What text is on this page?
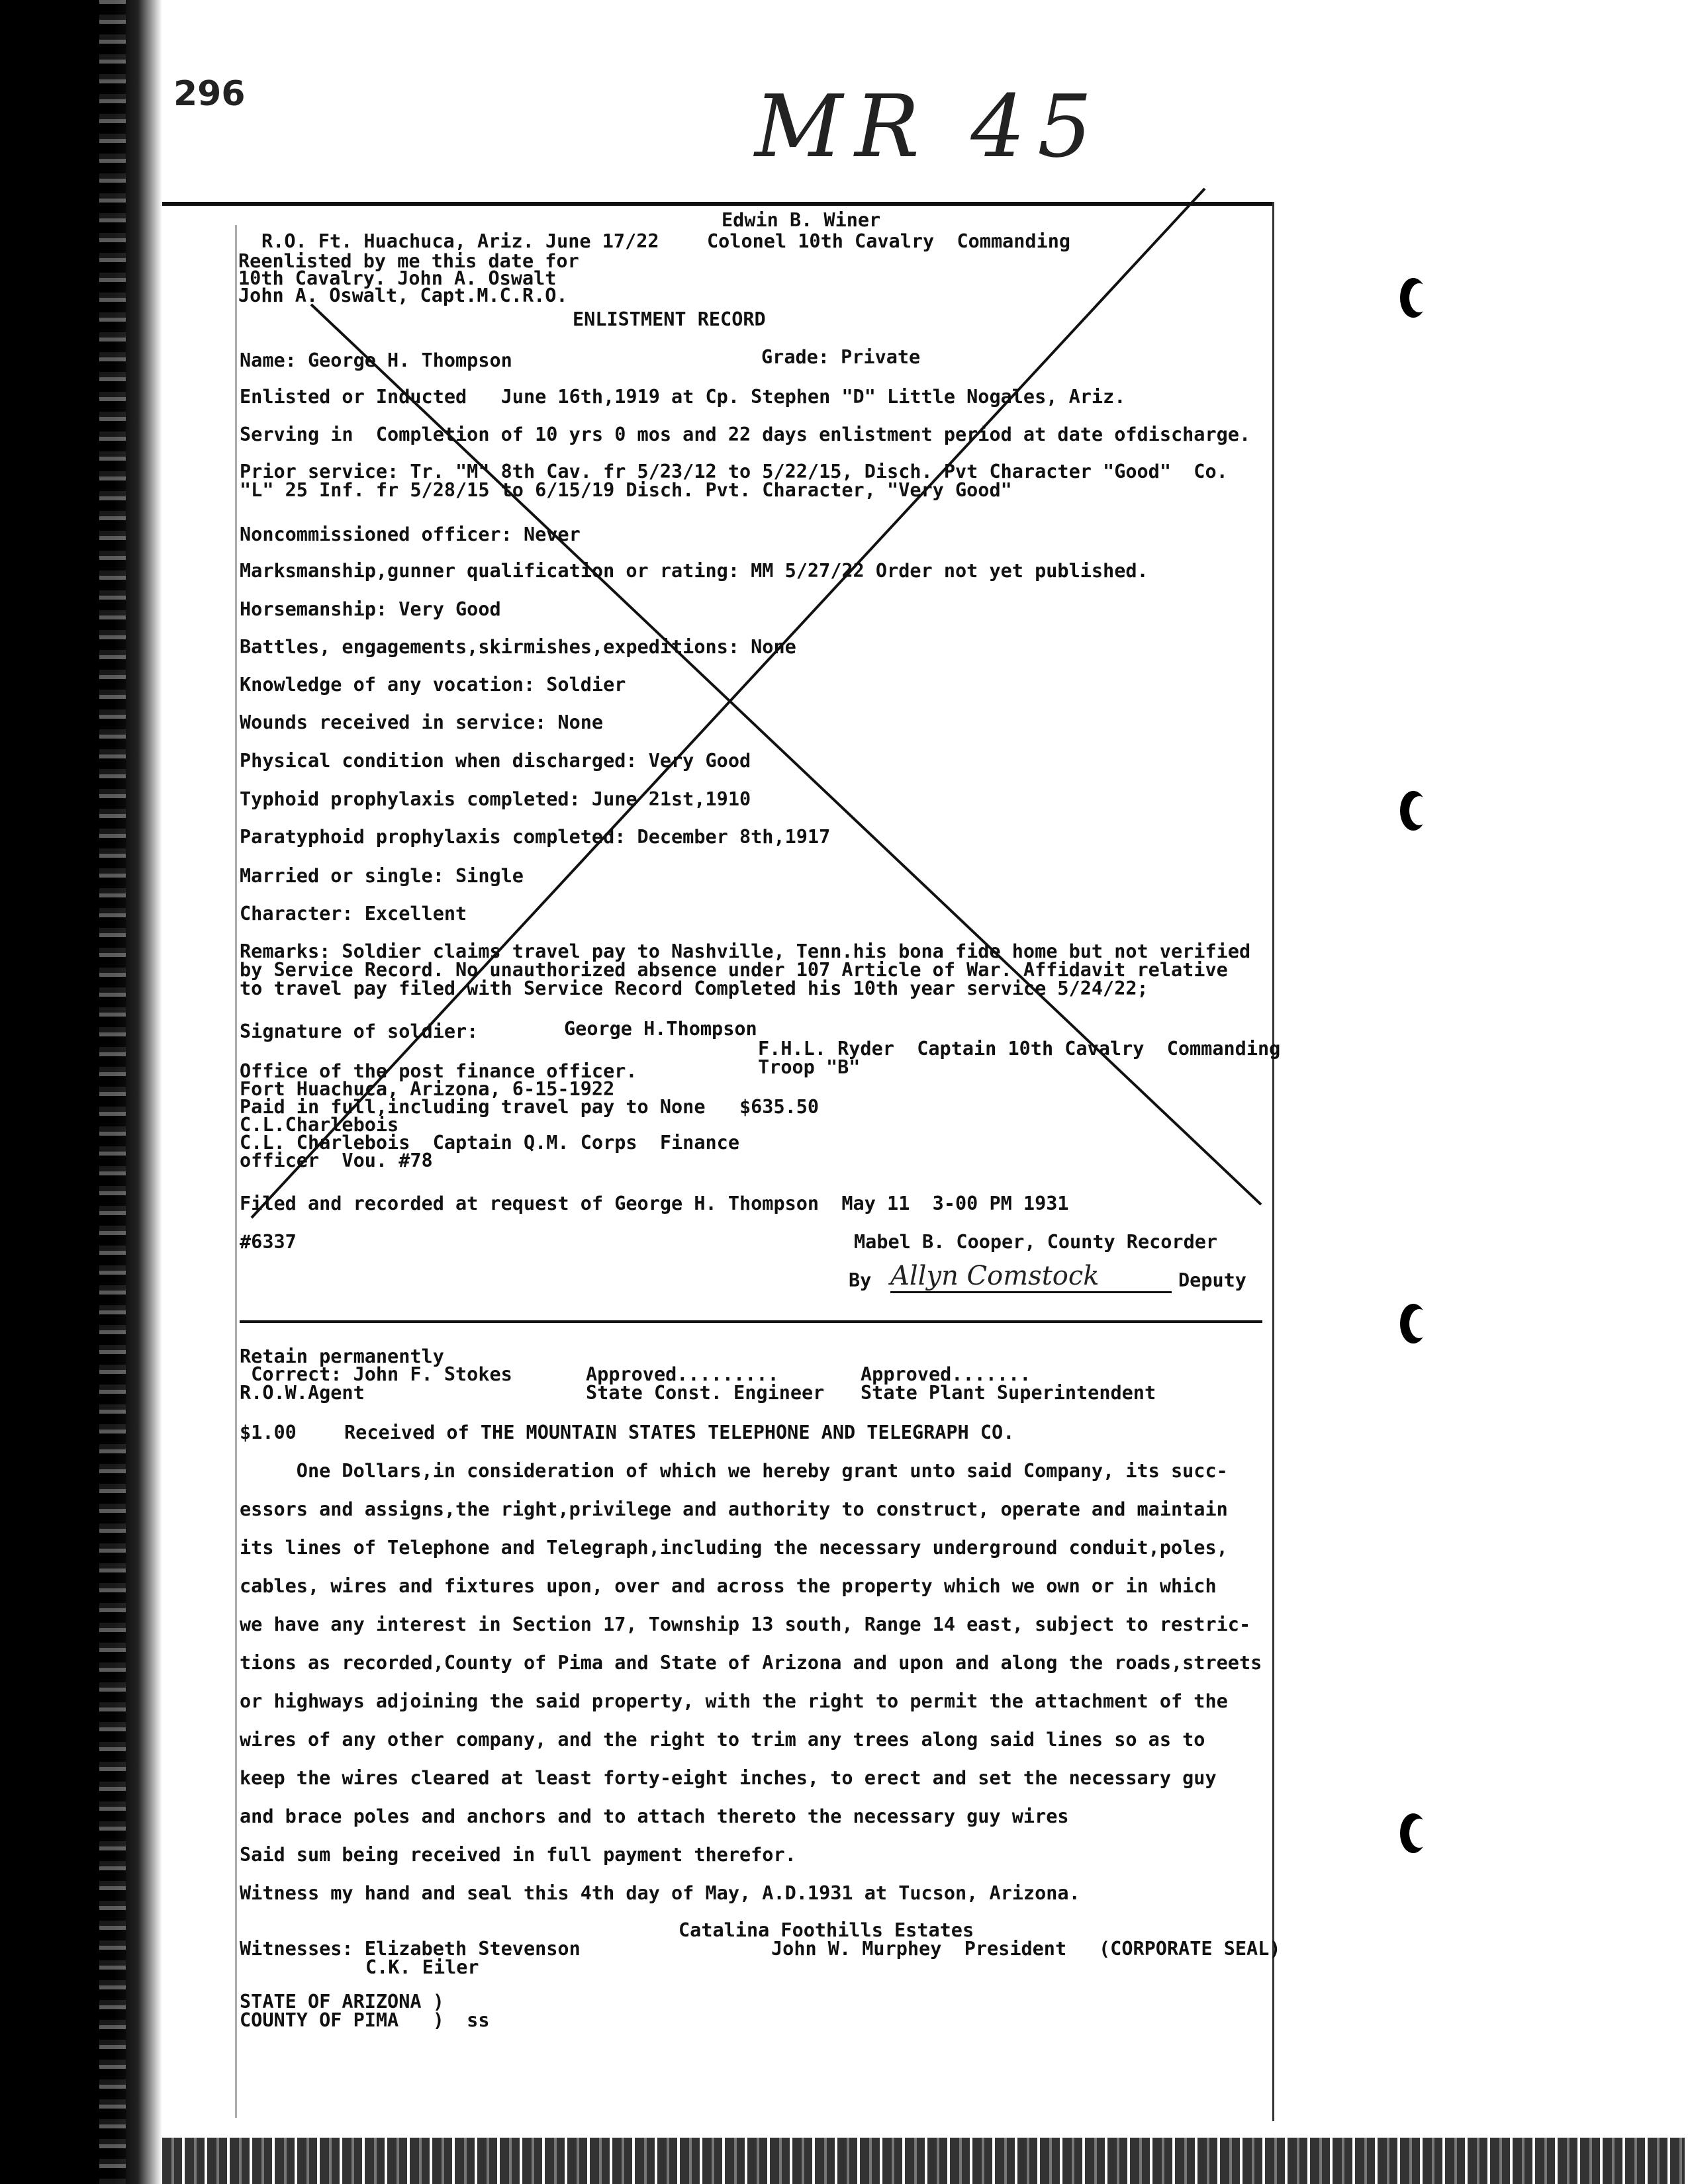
296	MR 45
Edwin B. Winer
R.O. Ft. Huachuca, Ariz. June 17/22	Colonel 10th Cavalry  Commanding
Reenlisted by me this date for
10th Cavalry. John A. Oswalt
John A. Oswalt, Capt.M.C.R.O.
ENLISTMENT RECORD
Name: George H. Thompson	Grade: Private
Enlisted or Inducted   June 16th,1919 at Cp. Stephen "D" Little Nogales, Ariz.
Serving in  Completion of 10 yrs 0 mos and 22 days enlistment period at date ofdischarge.
Prior service: Tr. "M" 8th Cav. fr 5/23/12 to 5/22/15, Disch. Pvt Character "Good"  Co.
"L" 25 Inf. fr 5/28/15 to 6/15/19 Disch. Pvt. Character, "Very Good"
Noncommissioned officer: Never
Marksmanship,gunner qualification or rating: MM 5/27/22 Order not yet published.
Horsemanship: Very Good
Battles, engagements,skirmishes,expeditions: None
Knowledge of any vocation: Soldier
Wounds received in service: None
Physical condition when discharged: Very Good
Typhoid prophylaxis completed: June 21st,1910
Paratyphoid prophylaxis completed: December 8th,1917
Married or single: Single
Character: Excellent
Remarks: Soldier claims travel pay to Nashville, Tenn.his bona fide home but not verified
by Service Record. No unauthorized absence under 107 Article of War. Affidavit relative
to travel pay filed with Service Record Completed his 10th year service 5/24/22;
Signature of soldier:	George H.Thompson
F.H.L. Ryder  Captain 10th Cavalry  Commanding
Troop "B"
Office of the post finance officer.
Fort Huachuca, Arizona, 6-15-1922
Paid in full,including travel pay to None   $635.50
C.L.Charlebois
C.L. Charlebois  Captain Q.M. Corps  Finance
officer  Vou. #78
Filed and recorded at request of George H. Thompson  May 11  3-00 PM 1931
#6337	Mabel B. Cooper, County Recorder
By Allyn Comstock	Deputy
Retain permanently
Correct: John F. Stokes	Approved.........	Approved.......
R.O.W.Agent	State Const. Engineer State Plant Superintendent
$1.00	Received of THE MOUNTAIN STATES TELEPHONE AND TELEGRAPH CO.
One Dollars,in consideration of which we hereby grant unto said Company, its succ-
essors and assigns,the right,privilege and authority to construct, operate and maintain
its lines of Telephone and Telegraph,including the necessary underground conduit,poles,
cables, wires and fixtures upon, over and across the property which we own or in which
we have any interest in Section 17, Township 13 south, Range 14 east, subject to restric-
tions as recorded,County of Pima and State of Arizona and upon and along the roads,streets
or highways adjoining the said property, with the right to permit the attachment of the
wires of any other company, and the right to trim any trees along said lines so as to
keep the wires cleared at least forty-eight inches, to erect and set the necessary guy
and brace poles and anchors and to attach thereto the necessary guy wires
Said sum being received in full payment therefor.
Witness my hand and seal this 4th day of May, A.D.1931 at Tucson, Arizona.
Catalina Foothills Estates
Witnesses: Elizabeth Stevenson	John W. Murphey  President (CORPORATE SEAL)
C.K. Eiler
STATE OF ARIZONA )
COUNTY OF PIMA   )  ss
